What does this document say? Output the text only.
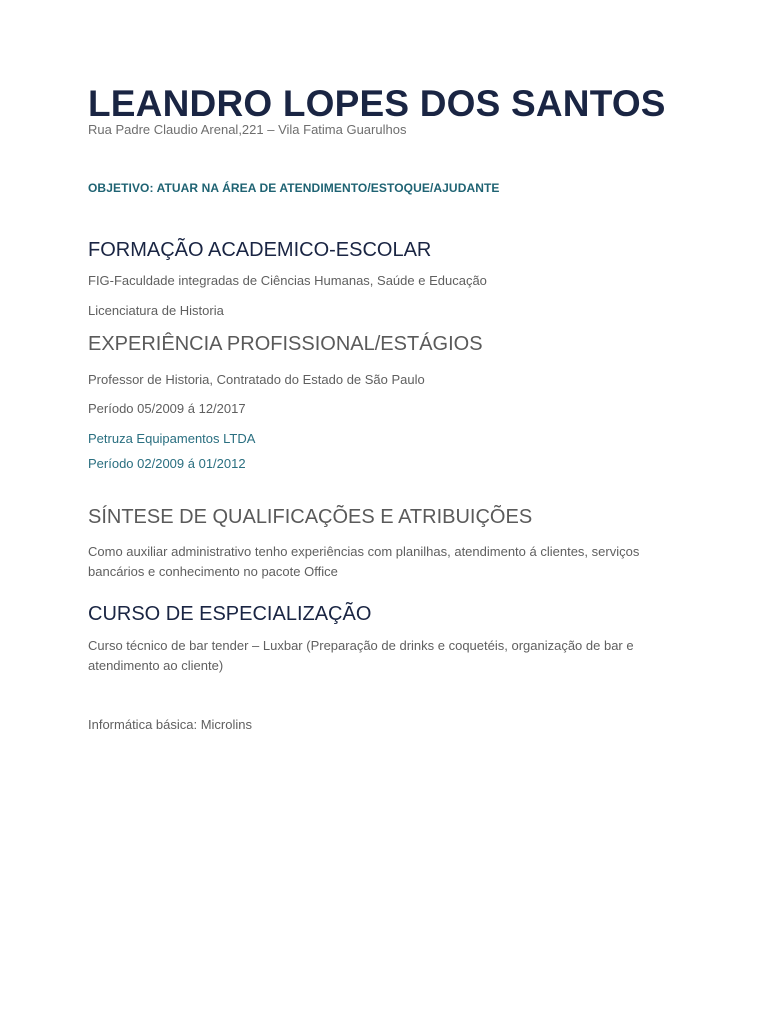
LEANDRO LOPES DOS SANTOS
Rua Padre Claudio Arenal,221 – Vila Fatima Guarulhos
OBJETIVO: ATUAR NA ÁREA DE ATENDIMENTO/ESTOQUE/AJUDANTE
FORMAÇÃO ACADEMICO-ESCOLAR
FIG-Faculdade integradas de Ciências Humanas, Saúde e Educação
Licenciatura de Historia
EXPERIÊNCIA PROFISSIONAL/ESTÁGIOS
Professor de Historia, Contratado do Estado de São Paulo
Período 05/2009 á 12/2017
Petruza Equipamentos LTDA
Período 02/2009 á 01/2012
SÍNTESE DE QUALIFICAÇÕES E ATRIBUIÇÕES
Como auxiliar administrativo tenho experiências com planilhas, atendimento á clientes, serviços bancários e conhecimento no pacote Office
CURSO DE ESPECIALIZAÇÃO
Curso técnico de bar tender – Luxbar (Preparação de drinks e coquetéis, organização de bar e atendimento ao cliente)
Informática básica: Microlins
